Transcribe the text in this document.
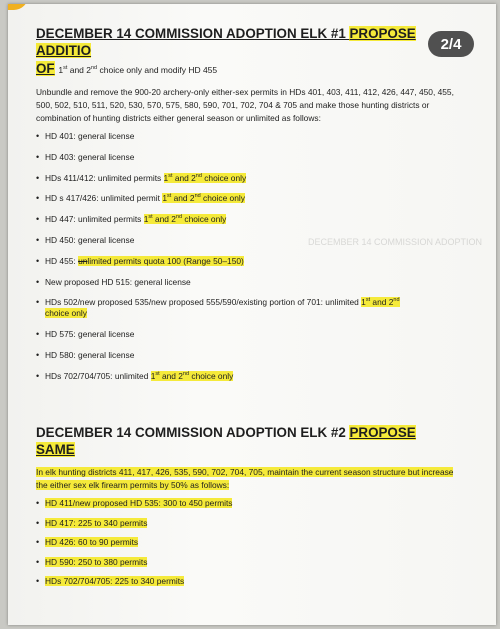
DECEMBER 14 COMMISSION ADOPTION
2/4

DECEMBER 14 COMMISSION ADOPTION ELK #1 PROPOSE ADDITIO

OF 1st and 2nd choice only and modify HD 455

Unbundle and remove the 900-20 archery-only either-sex permits in HDs 401, 403, 411, 412, 426, 447, 450, 455, 500, 502, 510, 511, 520, 530, 570, 575, 580, 590, 701, 702, 704 & 705 and make those hunting districts or combination of hunting districts either general season or unlimited as follows:

• HD 401: general license
• HD 403: general license
• HDs 411/412: unlimited permits 1st and 2nd choice only
• HD s 417/426: unlimited permit 1st and 2nd choice only
• HD 447: unlimited permits 1st and 2nd choice only
• HD 450: general license
• HD 455: unlimited permits quota 100 (Range 50–150)
• New proposed HD 515: general license
• HDs 502/new proposed 535/new proposed 555/590/existing portion of 701: unlimited 1st and 2nd
choice only
• HD 575: general license
• HD 580: general license
• HDs 702/704/705: unlimited 1st and 2nd choice only

DECEMBER 14 COMMISSION ADOPTION ELK #2 PROPOSE SAME

In elk hunting districts 411, 417, 426, 535, 590, 702, 704, 705, maintain the current season structure but increase the either sex elk firearm permits by 50% as follows:

• HD 411/new proposed HD 535: 300 to 450 permits
• HD 417: 225 to 340 permits
• HD 426: 60 to 90 permits
• HD 590: 250 to 380 permits
• HDs 702/704/705: 225 to 340 permits
